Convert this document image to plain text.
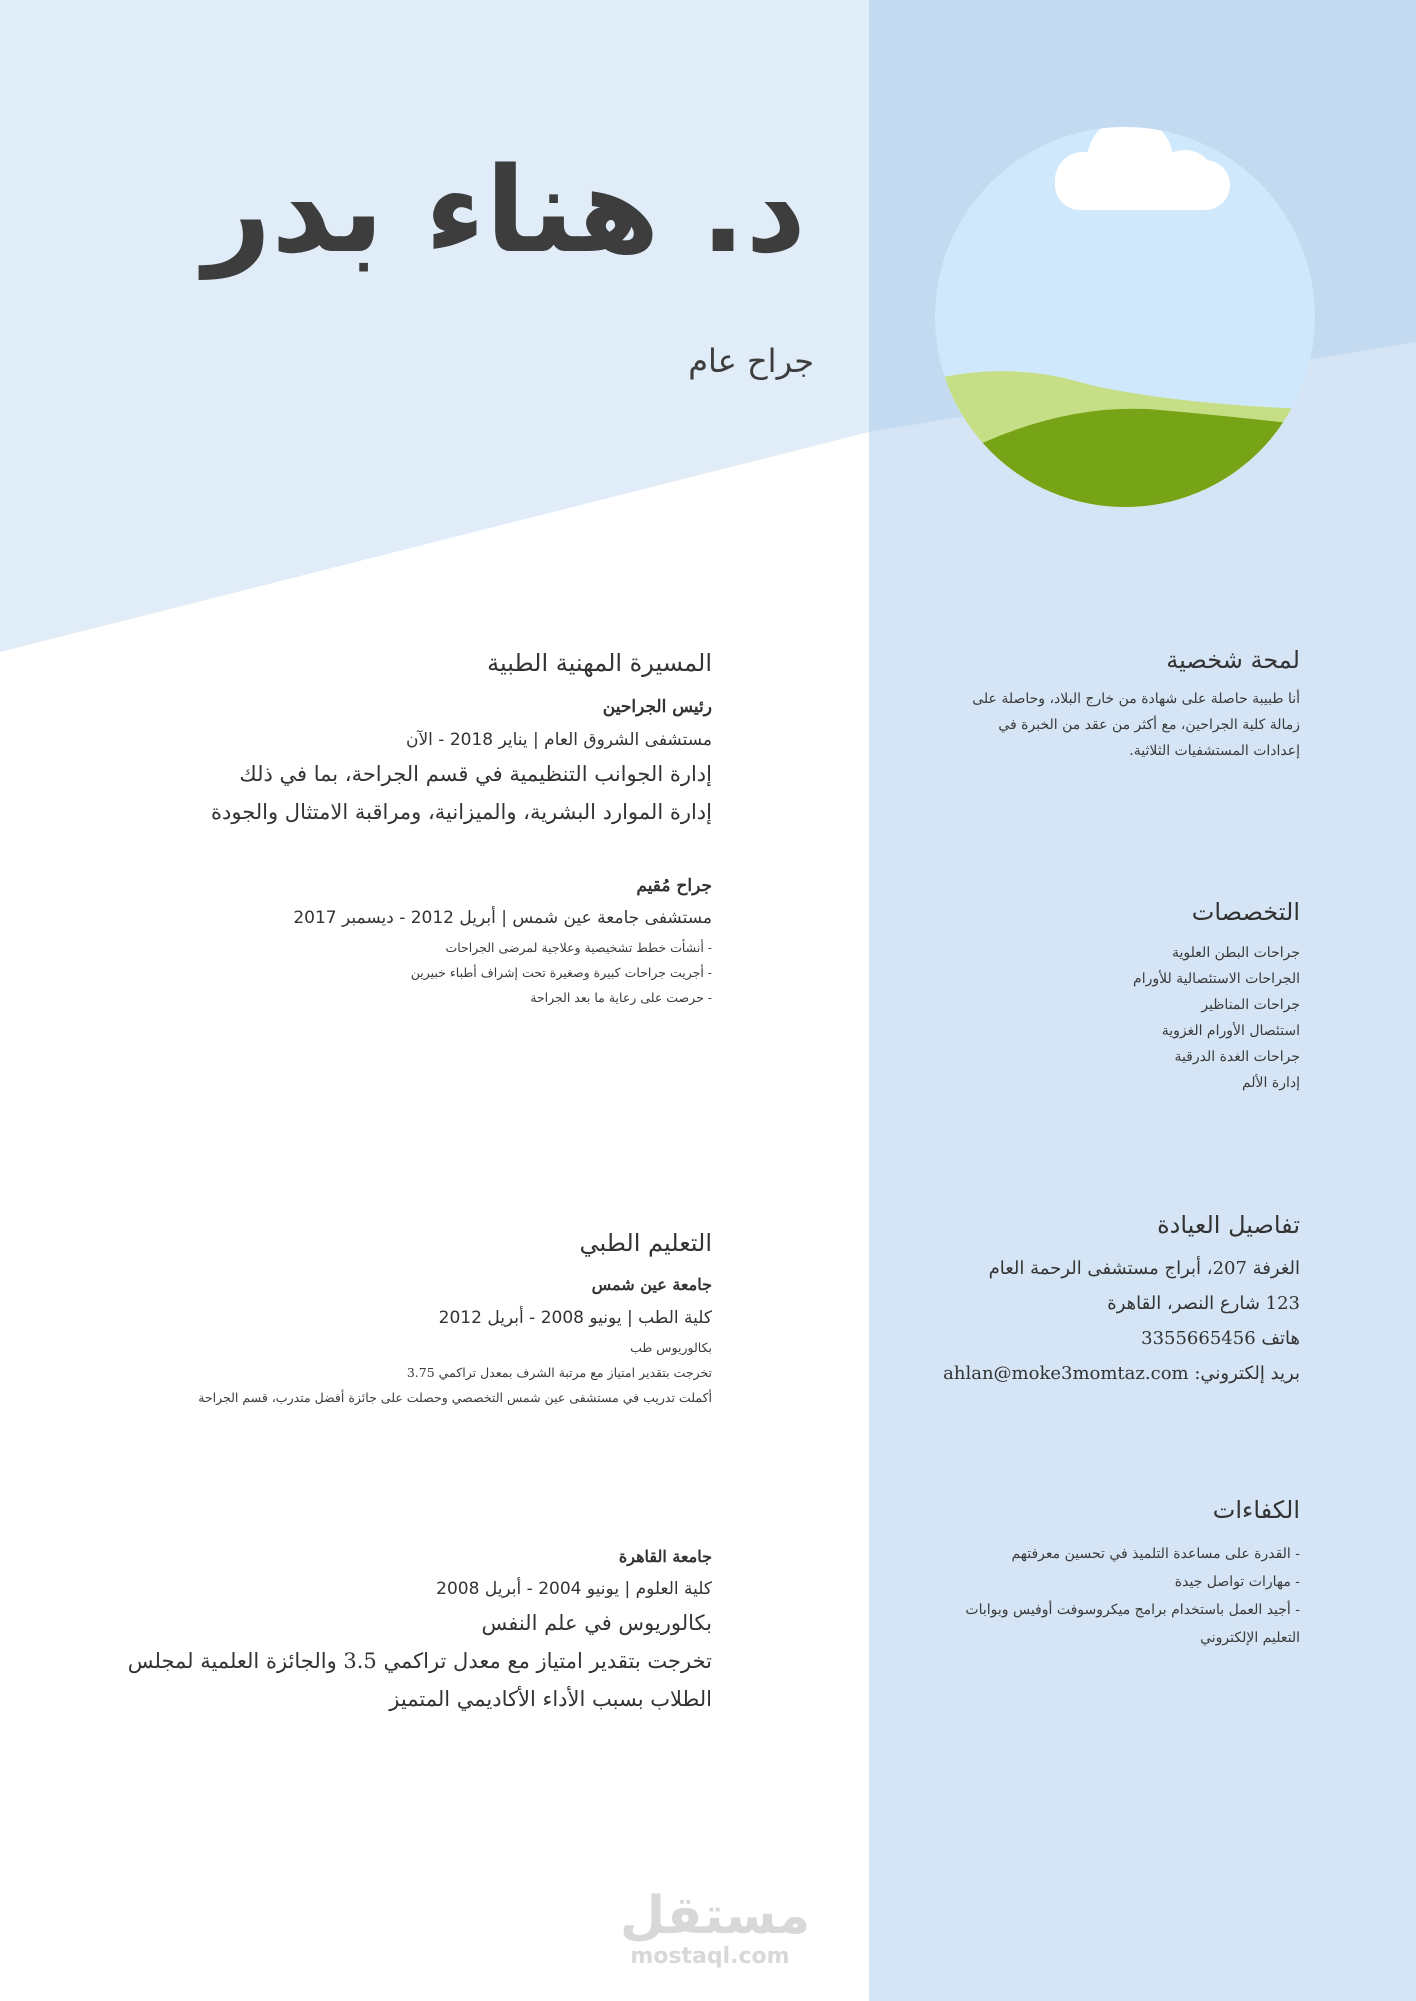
د. هناء بدر
جراح عام
لمحة شخصية
أنا طبيبة حاصلة على شهادة من خارج البلاد، وحاصلة على
زمالة كلية الجراحين، مع أكثر من عقد من الخبرة في
إعدادات المستشفيات الثلاثية.
التخصصات
جراحات البطن العلوية
الجراحات الاستئصالية للأورام
جراحات المناظير
استئصال الأورام الغزوية
جراحات الغدة الدرقية
إدارة الألم
تفاصيل العيادة
الغرفة 207، أبراج مستشفى الرحمة العام
123 شارع النصر، القاهرة
هاتف 3355665456
بريد إلكتروني: ahlan@moke3momtaz.com
الكفاءات
- القدرة على مساعدة التلميذ في تحسين معرفتهم
- مهارات تواصل جيدة
- أجيد العمل باستخدام برامج ميكروسوفت أوفيس وبوابات
التعليم الإلكتروني
المسيرة المهنية الطبية
رئيس الجراحين
مستشفى الشروق العام | يناير 2018 - الآن
إدارة الجوانب التنظيمية في قسم الجراحة، بما في ذلك
إدارة الموارد البشرية، والميزانية، ومراقبة الامتثال والجودة
جراح مُقيم
مستشفى جامعة عين شمس | أبريل 2012 - ديسمبر 2017
- أنشأت خطط تشخيصية وعلاجية لمرضى الجراحات
- أجريت جراحات كبيرة وصغيرة تحت إشراف أطباء خبيرين
- حرصت على رعاية ما بعد الجراحة
التعليم الطبي
جامعة عين شمس
كلية الطب | يونيو 2008 - أبريل 2012
بكالوريوس طب
تخرجت بتقدير امتياز مع مرتبة الشرف بمعدل تراكمي 3.75
أكملت تدريب في مستشفى عين شمس التخصصي وحصلت على جائزة أفضل متدرب، قسم الجراحة
جامعة القاهرة
كلية العلوم | يونيو 2004 - أبريل 2008
بكالوريوس في علم النفس
تخرجت بتقدير امتياز مع معدل تراكمي 3.5 والجائزة العلمية لمجلس
الطلاب بسبب الأداء الأكاديمي المتميز
مستقل
mostaql.com
